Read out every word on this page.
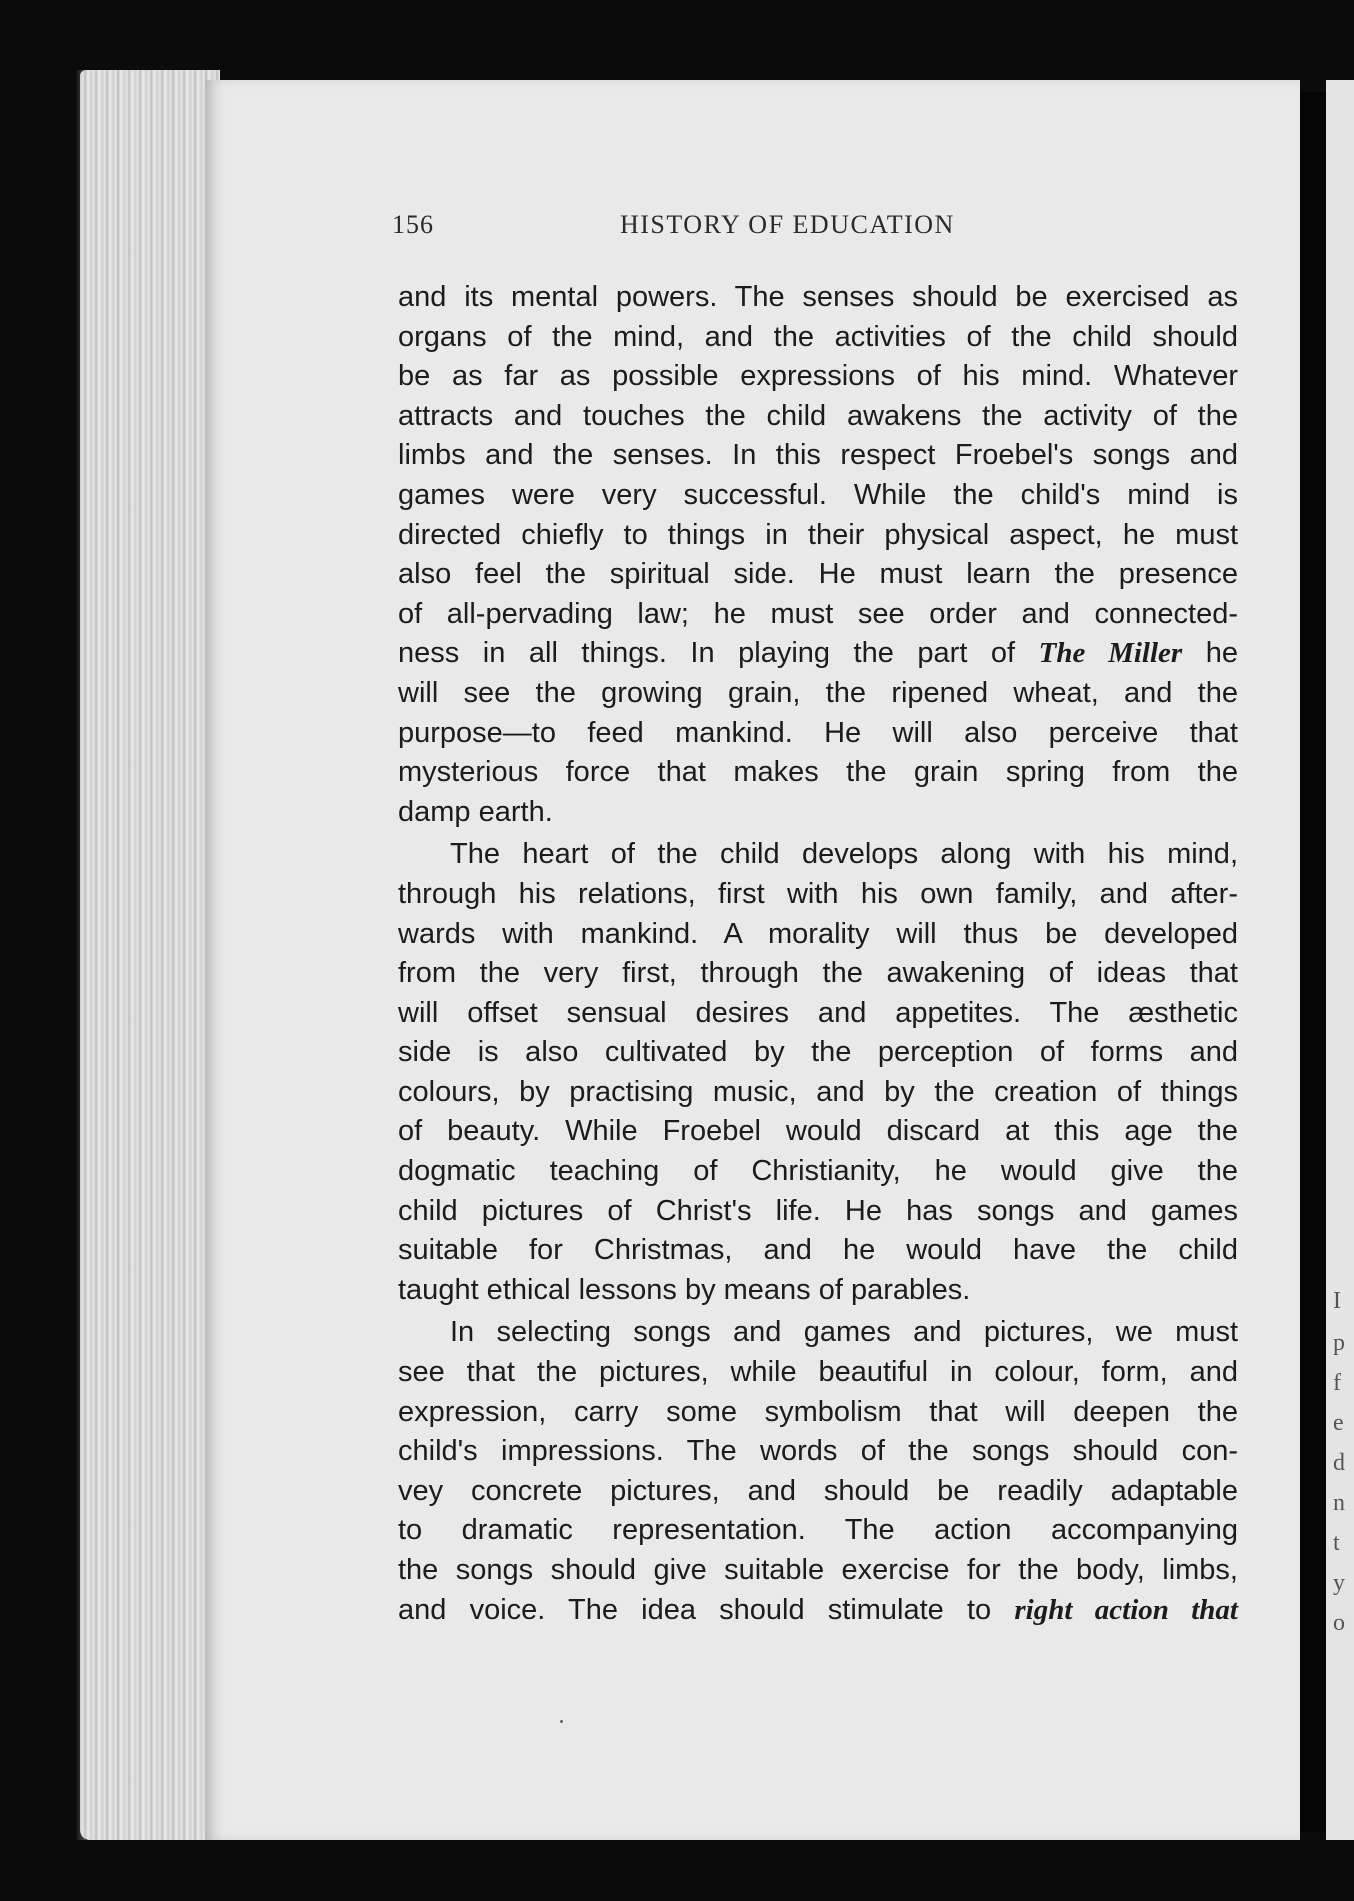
I
p
f
e
d
n
t
y
o
156	HISTORY OF EDUCATION

and its mental powers. The senses should be exercised as
organs of the mind, and the activities of the child should
be as far as possible expressions of his mind. Whatever
attracts and touches the child awakens the activity of the
limbs and the senses. In this respect Froebel's songs and
games were very successful. While the child's mind is
directed chiefly to things in their physical aspect, he must
also feel the spiritual side. He must learn the presence
of all-pervading law; he must see order and connected-
ness in all things. In playing the part of The Miller he
will see the growing grain, the ripened wheat, and the
purpose—to feed mankind. He will also perceive that
mysterious force that makes the grain spring from the
damp earth.

The heart of the child develops along with his mind,
through his relations, first with his own family, and after-
wards with mankind. A morality will thus be developed
from the very first, through the awakening of ideas that
will offset sensual desires and appetites. The æsthetic
side is also cultivated by the perception of forms and
colours, by practising music, and by the creation of things
of beauty. While Froebel would discard at this age the
dogmatic teaching of Christianity, he would give the
child pictures of Christ's life. He has songs and games
suitable for Christmas, and he would have the child
taught ethical lessons by means of parables.

In selecting songs and games and pictures, we must
see that the pictures, while beautiful in colour, form, and
expression, carry some symbolism that will deepen the
child's impressions. The words of the songs should con-
vey concrete pictures, and should be readily adaptable
to dramatic representation. The action accompanying
the songs should give suitable exercise for the body, limbs,
and voice. The idea should stimulate to right action that
